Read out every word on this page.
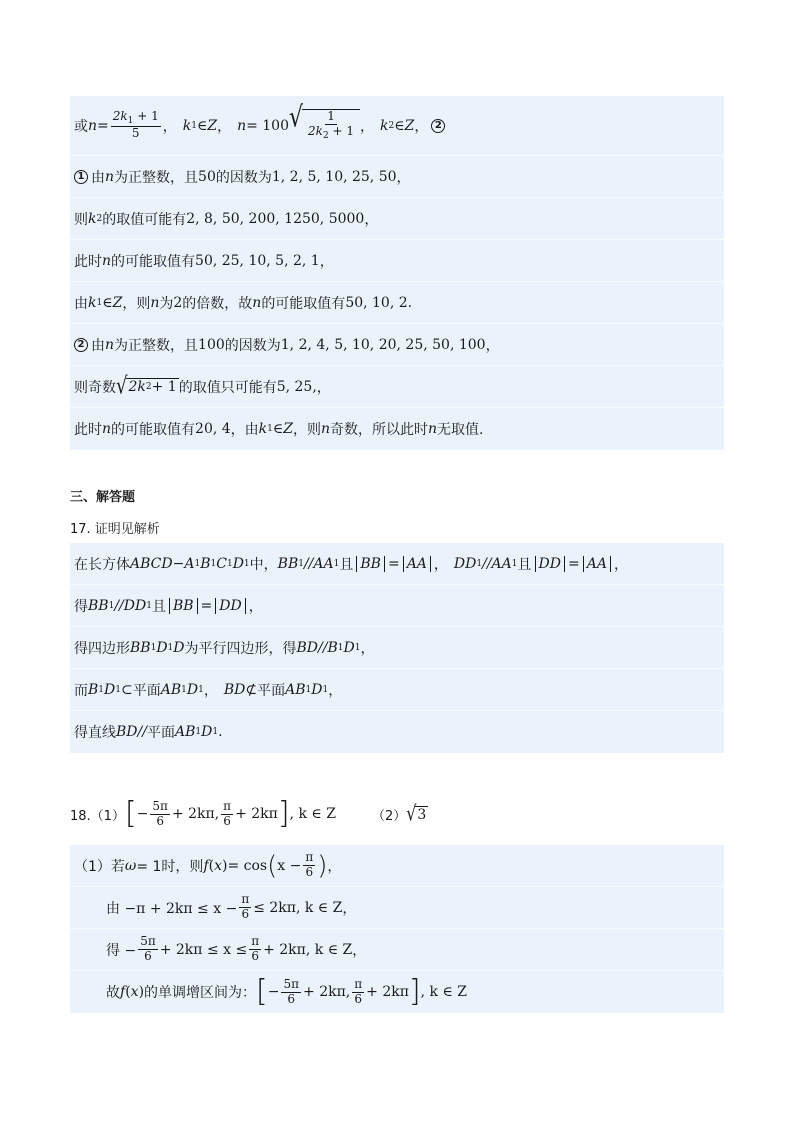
或 $n = \frac{2k_1 + 1}{5}$ ， k 1 ∈ Z ， n = 100 √ $\frac{1}{2k_2 + 1}$ ， k 2 ∈ Z ， 2
1 由 n 为正整数，且 50 的因数为 1, 2, 5, 10, 25, 50 ，
则 k 2 的取值可能有 2, 8, 50, 200, 1250, 5000 ，
此时 n 的可能取值有 50, 25, 10, 5, 2, 1 ，
由 k 1 ∈ Z ，则 n 为 2 的倍数，故 n 的可能取值有 50, 10, 2 .
2 由 n 为正整数，且 100 的因数为 1, 2, 4, 5, 10, 20, 25, 50, 100 ，
则奇数 √ 2k 2 + 1 的取值只可能有 5, 25, ，
此时 n 的可能取值有 20, 4 ，由 k 1 ∈ Z ，则 n 奇数，所以此时 n 无取值.
三、解答题
17. 证明见解析
在长方体 ABCD − A 1 B 1 C 1 D 1 中， BB 1 // AA 1 且 BB = AA ， DD 1 // AA 1 且 DD = AA ，
得 BB 1 // DD 1 且 BB = DD ，
得四边形 BB 1 D 1 D 为平行四边形，得 BD // B 1 D 1 ，
而 B 1 D 1 ⊂ 平面 AB 1 D 1 ， BD ⊄ 平面 AB 1 D 1 ，
得直线 BD // 平面 AB 1 D 1 .
18.（1） [ − $\frac{5\pi}{6} + 2k\pi$, $\frac{\pi}{6} + 2k\pi$ ] , k ∈ Z	（2） √ 3
（1）若 ω = 1时，则 f ( x ) = cos ( $x - \frac{\pi}{6}$ ) ，
由 $-\pi + 2k\pi \le x - \frac{\pi}{6} \le 2k\pi$, k ∈ Z ，
得 − $\frac{5\pi}{6} + 2k\pi \le x \le \frac{\pi}{6} + 2k\pi$, k ∈ Z ，
故 f ( x ) 的单调增区间为： [ − $\frac{5\pi}{6} + 2k\pi$, $\frac{\pi}{6} + 2k\pi$ ] , k ∈ Z
